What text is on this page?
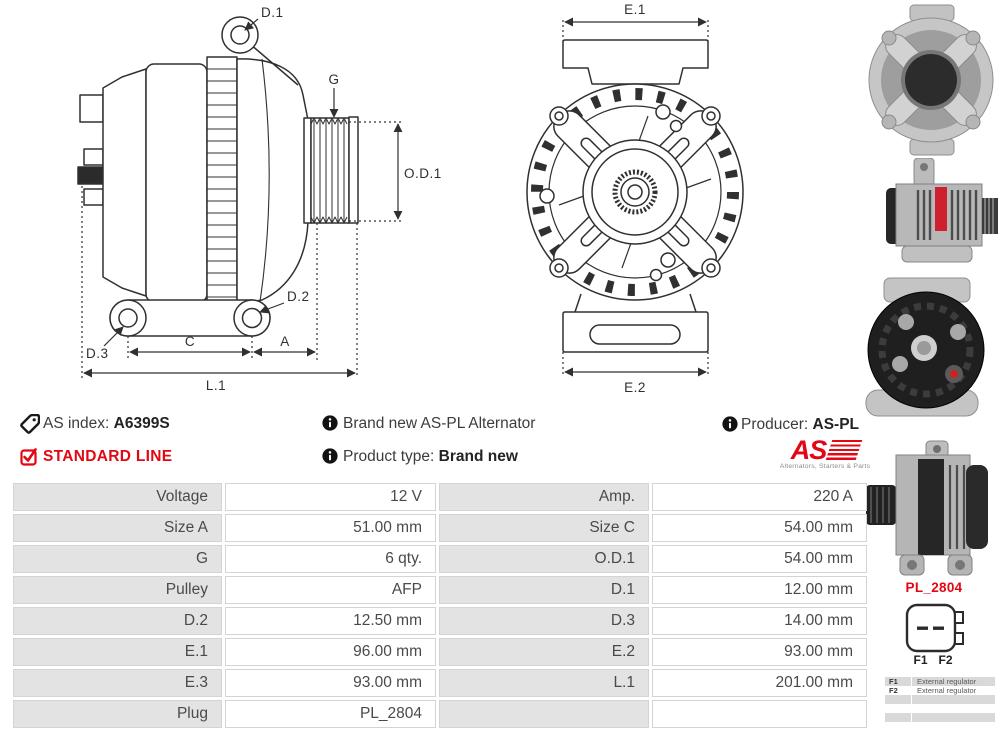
D.1
G
O.D.1
D.2
D.3
C	A
L.1
E.1
E.2
AS index: A6399S
STANDARD LINE
Brand new AS-PL Alternator
Product type: Brand new
Producer: AS-PL
AS
Alternators, Starters & Parts
Voltage	12 V	Amp.	220 A
Size A	51.00 mm	Size C	54.00 mm
G	6 qty.	O.D.1	54.00 mm
Pulley	AFP	D.1	12.00 mm
D.2	12.50 mm	D.3	14.00 mm
E.1	96.00 mm	E.2	93.00 mm
E.3	93.00 mm	L.1	201.00 mm
Plug	PL_2804
PL_2804
F1 F2
F1	External regulator
F2	External regulator
